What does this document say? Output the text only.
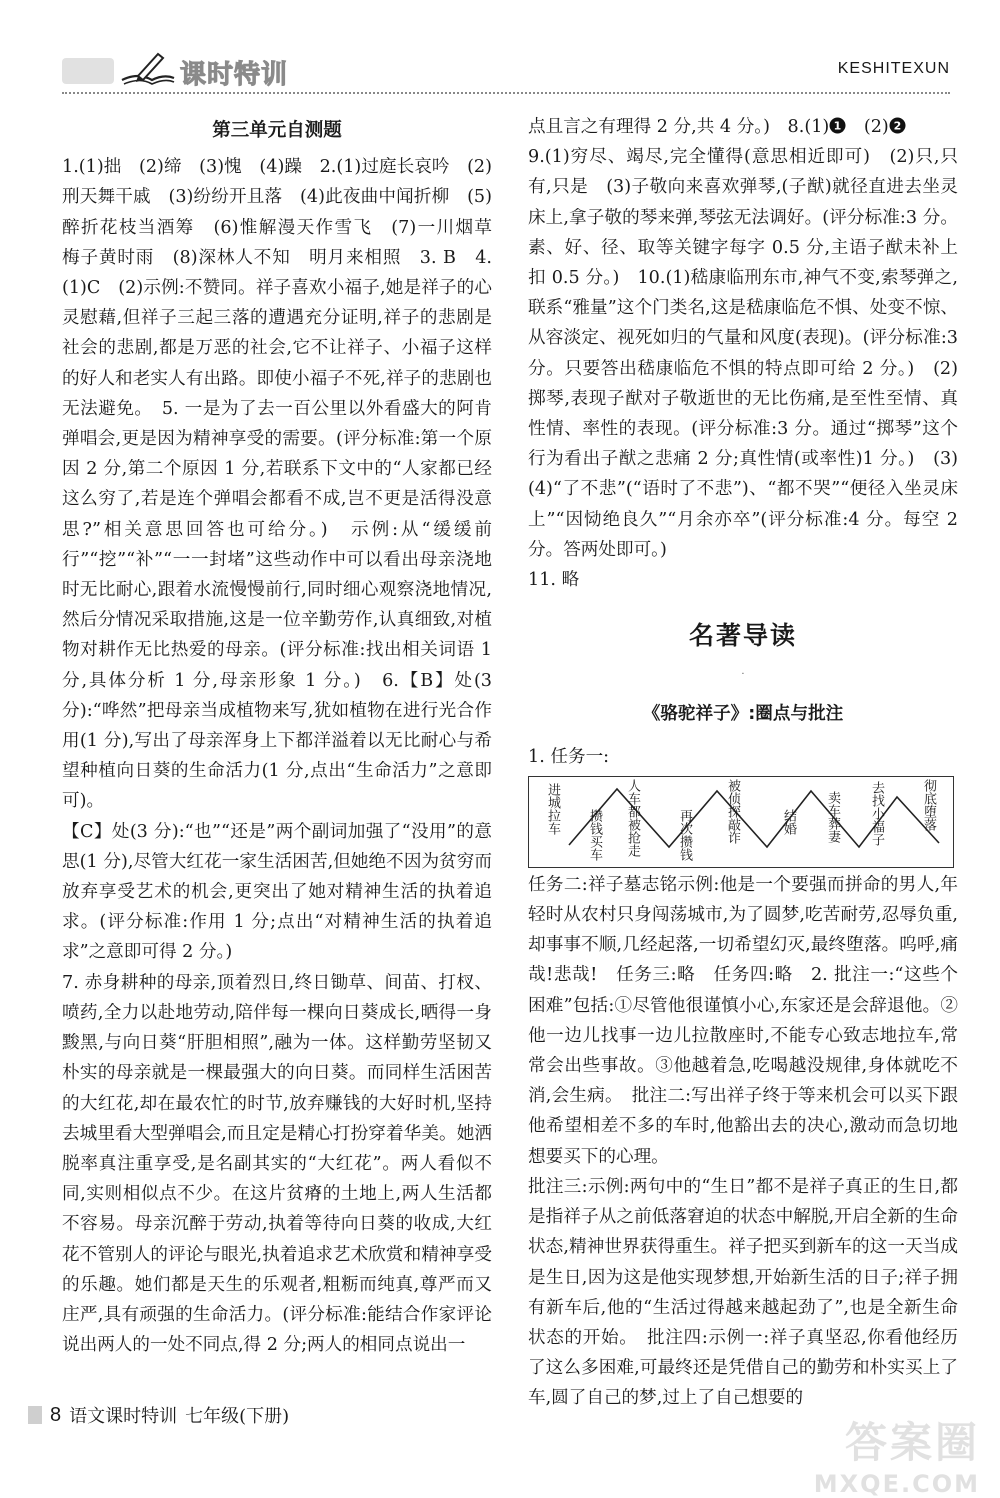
课时特训	KESHITEXUN

第三单元自测题

1.(1)拙　(2)缔　(3)愧　(4)躁　2.(1)过庭长哀吟　(2)刑天舞干戚　(3)纷纷开且落　(4)此夜曲中闻折柳　(5)醉折花枝当酒筹　(6)惟解漫天作雪飞　(7)一川烟草　梅子黄时雨　(8)深林人不知　明月来相照　3. B　4.(1)C　(2)示例:不赞同。祥子喜欢小福子,她是祥子的心灵慰藉,但祥子三起三落的遭遇充分证明,祥子的悲剧是社会的悲剧,都是万恶的社会,它不让祥子、小福子这样的好人和老实人有出路。即使小福子不死,祥子的悲剧也无法避免。　5. 一是为了去一百公里以外看盛大的阿肯弹唱会,更是因为精神享受的需要。(评分标准:第一个原因 2 分,第二个原因 1 分,若联系下文中的“人家都已经这么穷了,若是连个弹唱会都看不成,岂不更是活得没意思?”相关意思回答也可给分。)　示例:从“缓缓前行”“挖”“补”“一一封堵”这些动作中可以看出母亲浇地时无比耐心,跟着水流慢慢前行,同时细心观察浇地情况,然后分情况采取措施,这是一位辛勤劳作,认真细致,对植物对耕作无比热爱的母亲。(评分标准:找出相关词语 1 分,具体分析 1 分,母亲形象 1 分。)　6.【B】处(3 分):“哗然”把母亲当成植物来写,犹如植物在进行光合作用(1 分),写出了母亲浑身上下都洋溢着以无比耐心与希望种植向日葵的生命活力(1 分,点出“生命活力”之意即可)。

【C】处(3 分):“也”“还是”两个副词加强了“没用”的意思(1 分),尽管大红花一家生活困苦,但她绝不因为贫穷而放弃享受艺术的机会,更突出了她对精神生活的执着追求。(评分标准:作用 1 分;点出“对精神生活的执着追求”之意即可得 2 分。)

7. 赤身耕种的母亲,顶着烈日,终日锄草、间苗、打杈、喷药,全力以赴地劳动,陪伴每一棵向日葵成长,晒得一身黢黑,与向日葵“肝胆相照”,融为一体。这样勤劳坚韧又朴实的母亲就是一棵最强大的向日葵。而同样生活困苦的大红花,却在最农忙的时节,放弃赚钱的大好时机,坚持去城里看大型弹唱会,而且定是精心打扮穿着华美。她洒脱率真注重享受,是名副其实的“大红花”。两人看似不同,实则相似点不少。在这片贫瘠的土地上,两人生活都不容易。母亲沉醉于劳动,执着等待向日葵的收成,大红花不管别人的评论与眼光,执着追求艺术欣赏和精神享受的乐趣。她们都是天生的乐观者,粗粝而纯真,尊严而又庄严,具有顽强的生命活力。(评分标准:能结合作家评论说出两人的一处不同点,得 2 分;两人的相同点说出一

点且言之有理得 2 分,共 4 分。)　8.(1) 1 　(2) 2

9.(1)穷尽、竭尽,完全懂得(意思相近即可)　(2)只,只有,只是　(3)子敬向来喜欢弹琴,(子猷)就径直进去坐灵床上,拿子敬的琴来弹,琴弦无法调好。(评分标准:3 分。素、好、径、取等关键字每字 0.5 分,主语子猷未补上扣 0.5 分。)　10.(1)嵇康临刑东市,神气不变,索琴弹之,联系“雅量”这个门类名,这是嵇康临危不惧、处变不惊、从容淡定、视死如归的气量和风度(表现)。(评分标准:3 分。只要答出嵇康临危不惧的特点即可给 2 分。)　(2)掷琴,表现子猷对子敬逝世的无比伤痛,是至性至情、真性情、率性的表现。(评分标准:3 分。通过“掷琴”这个行为看出子猷之悲痛 2 分;真性情(或率性)1 分。)　(3)(4)“了不悲”(“语时了不悲”)、“都不哭”“便径入坐灵床上”“因恸绝良久”“月余亦卒”(评分标准:4 分。每空 2 分。答两处即可。)

11. 略

名著导读

·

《骆驼祥子》:圈点与批注

1. 任务一:

进城拉车 攒钱买车 人车都被抢走	再次攒钱	被侦探敲诈	结婚 卖车葬妻 去找小福子	彻底堕落

任务二:祥子墓志铭示例:他是一个要强而拼命的男人,年轻时从农村只身闯荡城市,为了圆梦,吃苦耐劳,忍辱负重,却事事不顺,几经起落,一切希望幻灭,最终堕落。呜呼,痛哉!悲哉!　任务三:略　任务四:略　2. 批注一:“这些个困难”包括:①尽管他很谨慎小心,东家还是会辞退他。②他一边儿找事一边儿拉散座时,不能专心致志地拉车,常常会出些事故。③他越着急,吃喝越没规律,身体就吃不消,会生病。　批注二:写出祥子终于等来机会可以买下跟他希望相差不多的车时,他豁出去的决心,激动而急切地想要买下的心理。

批注三:示例:两句中的“生日”都不是祥子真正的生日,都是指祥子从之前低落窘迫的状态中解脱,开启全新的生命状态,精神世界获得重生。祥子把买到新车的这一天当成是生日,因为这是他实现梦想,开始新生活的日子;祥子拥有新车后,他的“生活过得越来越起劲了”,也是全新生命状态的开始。　批注四:示例一:祥子真坚忍,你看他经历了这么多困难,可最终还是凭借自己的勤劳和朴实买上了车,圆了自己的梦,过上了自己想要的

8 语文课时特训 七年级(下册)
答案圈
MXQE.COM
